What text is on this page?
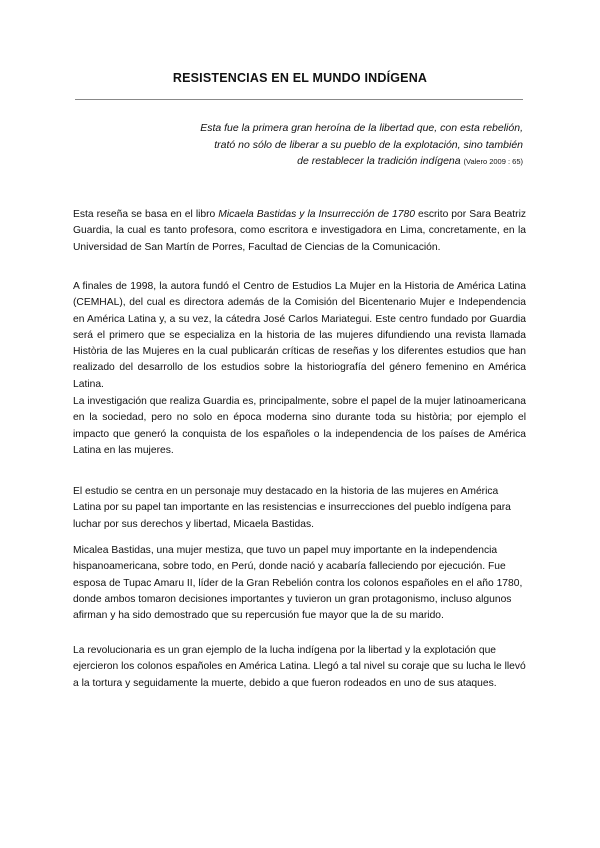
RESISTENCIAS EN EL MUNDO INDÍGENA
Esta fue la primera gran heroína de la libertad que, con esta rebelión,
trató no sólo de liberar a su pueblo de la explotación, sino también
de restablecer la tradición indígena (Valero 2009 : 65)
Esta reseña se basa en el libro Micaela Bastidas y la Insurrección de 1780 escrito por Sara Beatriz Guardia, la cual es tanto profesora, como escritora e investigadora en Lima, concretamente, en la Universidad de San Martín de Porres, Facultad de Ciencias de la Comunicación.
A finales de 1998, la autora fundó el Centro de Estudios La Mujer en la Historia de América Latina (CEMHAL), del cual es directora además de la Comisión del Bicentenario Mujer e Independencia en América Latina y, a su vez, la cátedra José Carlos Mariategui. Este centro fundado por Guardia será el primero que se especializa en la historia de las mujeres difundiendo una revista llamada Història de las Mujeres en la cual publicarán críticas de reseñas y los diferentes estudios que han realizado del desarrollo de los estudios sobre la historiografía del género femenino en América Latina.
La investigación que realiza Guardia es, principalmente, sobre el papel de la mujer latinoamericana en la sociedad, pero no solo en época moderna sino durante toda su història; por ejemplo el impacto que generó la conquista de los españoles o la independencia de los países de América Latina en las mujeres.
El estudio se centra en un personaje muy destacado en la historia de las mujeres en América Latina por su papel tan importante en las resistencias e insurrecciones del pueblo indígena para luchar por sus derechos y libertad, Micaela Bastidas.
Micalea Bastidas, una mujer mestiza, que tuvo un papel muy importante en la independencia hispanoamericana, sobre todo, en Perú, donde nació y acabaría falleciendo por ejecución. Fue esposa de Tupac Amaru II, líder de la Gran Rebelión contra los colonos españoles en el año 1780, donde ambos tomaron decisiones importantes y tuvieron un gran protagonismo, incluso algunos afirman y ha sido demostrado que su repercusión fue mayor que la de su marido.
La revolucionaria es un gran ejemplo de la lucha indígena por la libertad y la explotación que ejercieron los colonos españoles en América Latina. Llegó a tal nivel su coraje que su lucha le llevó a la tortura y seguidamente la muerte, debido a que fueron rodeados en uno de sus ataques.
